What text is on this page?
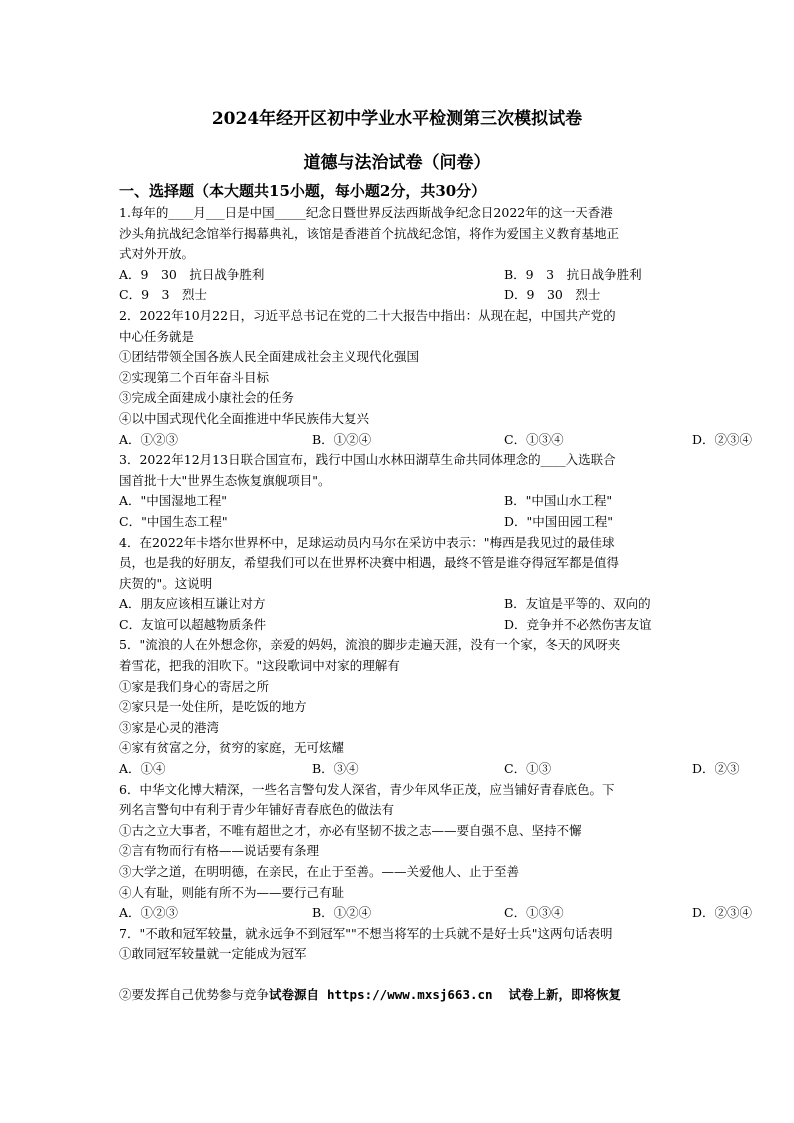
2024年经开区初中学业水平检测第三次模拟试卷
道德与法治试卷（问卷）
一、选择题（本大题共15小题，每小题2分，共30分）
1.每年的____月___日是中国_____纪念日暨世界反法西斯战争纪念日2022年的这一天香港
沙头角抗战纪念馆举行揭幕典礼，该馆是香港首个抗战纪念馆，将作为爱国主义教育基地正
式对外开放。
A．9　30　抗日战争胜利	B．9　3　抗日战争胜利
C．9　3　烈士	D．9　30　烈士
2．2022年10月22日，习近平总书记在党的二十大报告中指出：从现在起，中国共产党的
中心任务就是
①团结带领全国各族人民全面建成社会主义现代化强国
②实现第二个百年奋斗目标
③完成全面建成小康社会的任务
④以中国式现代化全面推进中华民族伟大复兴
A．①②③	B．①②④	C．①③④	D．②③④
3．2022年12月13日联合国宣布，践行中国山水林田湖草生命共同体理念的____入选联合
国首批十大"世界生态恢复旗舰项目"。
A．"中国湿地工程"	B．"中国山水工程"
C．"中国生态工程"	D．"中国田园工程"
4．在2022年卡塔尔世界杯中，足球运动员内马尔在采访中表示："梅西是我见过的最佳球
员，也是我的好朋友，希望我们可以在世界杯决赛中相遇，最终不管是谁夺得冠军都是值得
庆贺的"。这说明
A．朋友应该相互谦让对方	B．友谊是平等的、双向的
C．友谊可以超越物质条件	D．竞争并不必然伤害友谊
5．"流浪的人在外想念你，亲爱的妈妈，流浪的脚步走遍天涯，没有一个家，冬天的风呀夹
着雪花，把我的泪吹下。"这段歌词中对家的理解有
①家是我们身心的寄居之所
②家只是一处住所，是吃饭的地方
③家是心灵的港湾
④家有贫富之分，贫穷的家庭，无可炫耀
A．①④	B．③④	C．①③	D．②③
6．中华文化博大精深，一些名言警句发人深省，青少年风华正茂，应当铺好青春底色。下
列名言警句中有利于青少年铺好青春底色的做法有
①古之立大事者，不唯有超世之才，亦必有坚韧不拔之志——要自强不息、坚持不懈
②言有物而行有格——说话要有条理
③大学之道，在明明德，在亲民，在止于至善。——关爱他人、止于至善
④人有耻，则能有所不为——要行己有耻
A．①②③	B．①②④	C．①③④	D．②③④
7．"不敢和冠军较量，就永远争不到冠军""不想当将军的士兵就不是好士兵"这两句话表明
①敢同冠军较量就一定能成为冠军
②要发挥自己优势参与竞争试卷源自 https://www.mxsj663.cn 试卷上新，即将恢复
